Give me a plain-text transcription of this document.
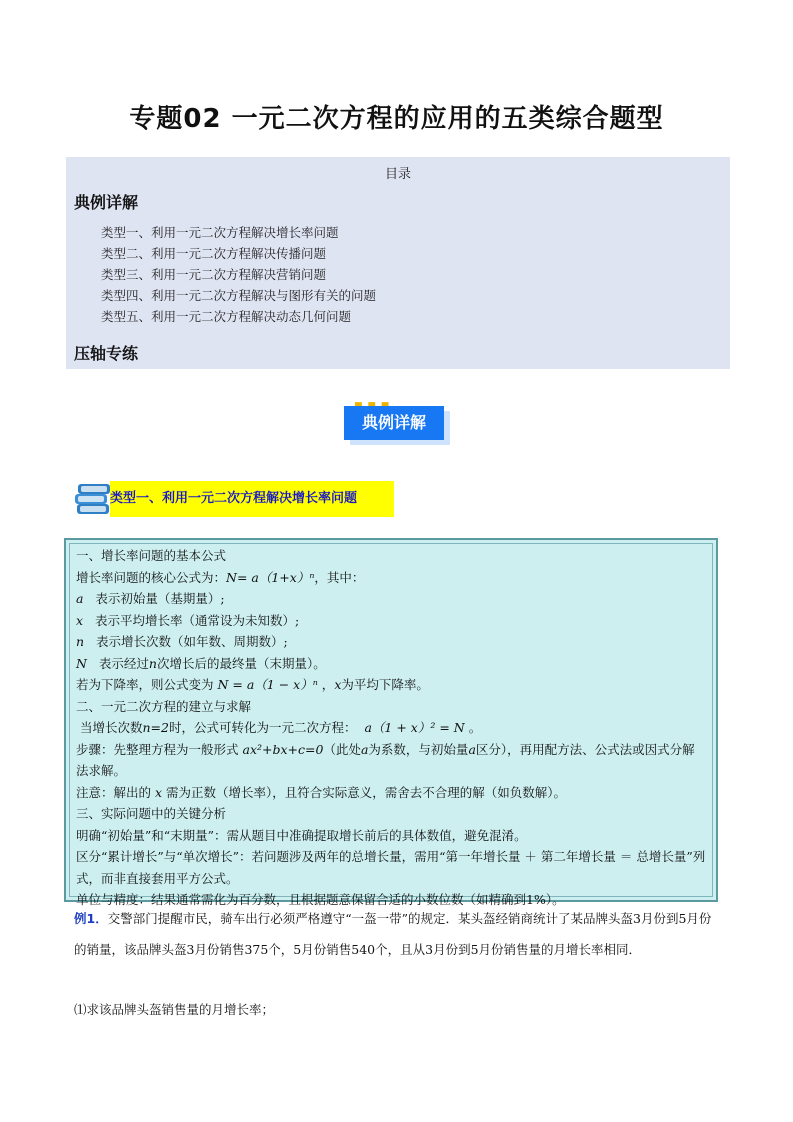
专题02 一元二次方程的应用的五类综合题型
目录
典例详解
类型一、利用一元二次方程解决增长率问题
类型二、利用一元二次方程解决传播问题
类型三、利用一元二次方程解决营销问题
类型四、利用一元二次方程解决与图形有关的问题
类型五、利用一元二次方程解决动态几何问题
压轴专练
典例详解
类型一、利用一元二次方程解决增长率问题
一、增长率问题的基本公式
增长率问题的核心公式为：N= a（1+x）ⁿ，其中：
a 表示初始量（基期量）;
x 表示平均增长率（通常设为未知数）;
n 表示增长次数（如年数、周期数）;
N 表示经过n次增长后的最终量（末期量）。
若为下降率，则公式变为 N = a（1 − x）ⁿ ，x为平均下降率。
二、一元二次方程的建立与求解
当增长次数n=2时，公式可转化为一元二次方程： a（1 + x）² = N 。
步骤：先整理方程为一般形式 ax²+bx+c=0（此处a为系数，与初始量a区分），再用配方法、公式法或因式分解法求解。
注意：解出的 x 需为正数（增长率），且符合实际意义，需舍去不合理的解（如负数解）。
三、实际问题中的关键分析
明确“初始量”和“末期量”：需从题目中准确提取增长前后的具体数值，避免混淆。
区分“累计增长”与“单次增长”：若问题涉及两年的总增长量，需用“第一年增长量 ＋ 第二年增长量 ＝ 总增长量”列式，而非直接套用平方公式。
单位与精度：结果通常需化为百分数，且根据题意保留合适的小数位数（如精确到1%）。
例1．交警部门提醒市民，骑车出行必须严格遵守“一盔一带”的规定．某头盔经销商统计了某品牌头盔3月份到5月份的销量，该品牌头盔3月份销售375个，5月份销售540个，且从3月份到5月份销售量的月增长率相同．
⑴求该品牌头盔销售量的月增长率；
